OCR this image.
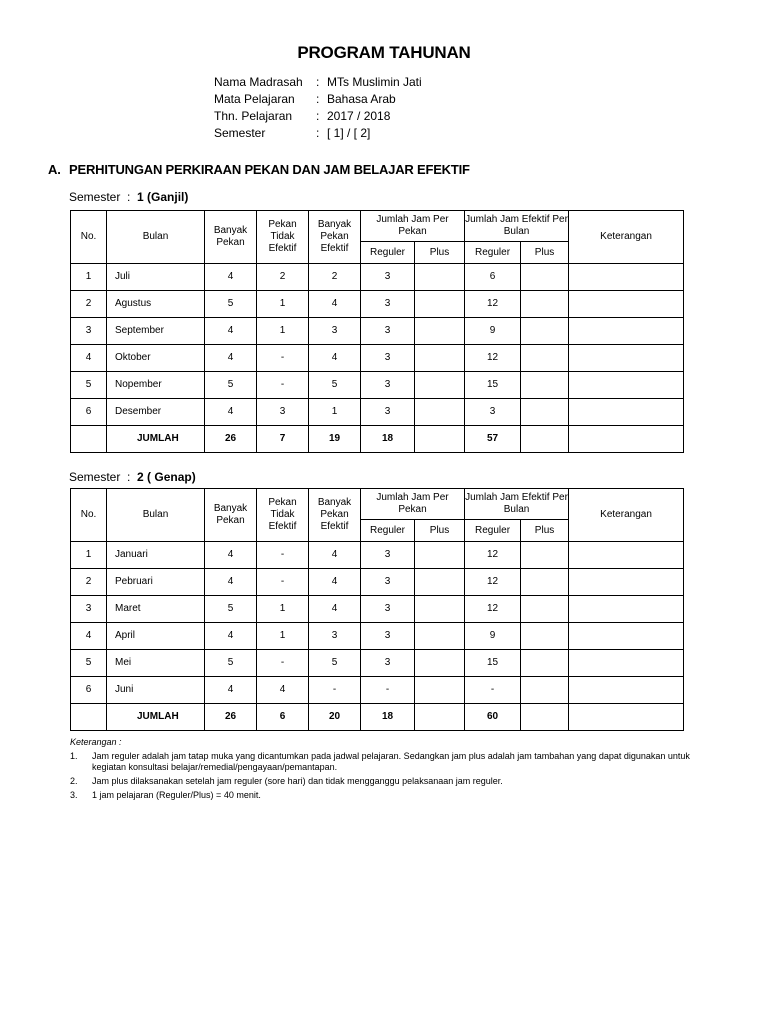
PROGRAM TAHUNAN
Nama Madrasah	:	MTs Muslimin Jati
Mata Pelajaran	:	Bahasa Arab
Thn. Pelajaran	:	2017 / 2018
Semester	:	[ 1] / [ 2]
A. PERHITUNGAN PERKIRAAN PEKAN DAN JAM BELAJAR EFEKTIF
Semester  :  1 (Ganjil)
No.	Bulan	Banyak Pekan	Pekan Tidak Efektif	Banyak Pekan Efektif	Jumlah Jam Per Pekan		Jumlah Jam Efektif Per Bulan		Keterangan
					Reguler	Plus	Reguler	Plus	
1	Juli	4	2	2	3		6		
2	Agustus	5	1	4	3		12		
3	September	4	1	3	3		9		
4	Oktober	4	-	4	3		12		
5	Nopember	5	-	5	3		15		
6	Desember	4	3	1	3		3		
	JUMLAH	26	7	19	18		57		
Semester  :  2 ( Genap)
No.	Bulan	Banyak Pekan	Pekan Tidak Efektif	Banyak Pekan Efektif	Jumlah Jam Per Pekan		Jumlah Jam Efektif Per Bulan		Keterangan
					Reguler	Plus	Reguler	Plus	
1	Januari	4	-	4	3		12		
2	Pebruari	4	-	4	3		12		
3	Maret	5	1	4	3		12		
4	April	4	1	3	3		9		
5	Mei	5	-	5	3		15		
6	Juni	4	4	-	-		-		
	JUMLAH	26	6	20	18		60		
Keterangan :
1. Jam reguler adalah jam tatap muka yang dicantumkan pada jadwal pelajaran. Sedangkan jam plus adalah jam tambahan yang dapat digunakan untuk kegiatan konsultasi belajar/remedial/pengayaan/pemantapan.
2. Jam plus dilaksanakan setelah jam reguler (sore hari) dan tidak mengganggu pelaksanaan jam reguler.
3. 1 jam pelajaran (Reguler/Plus) = 40 menit.
